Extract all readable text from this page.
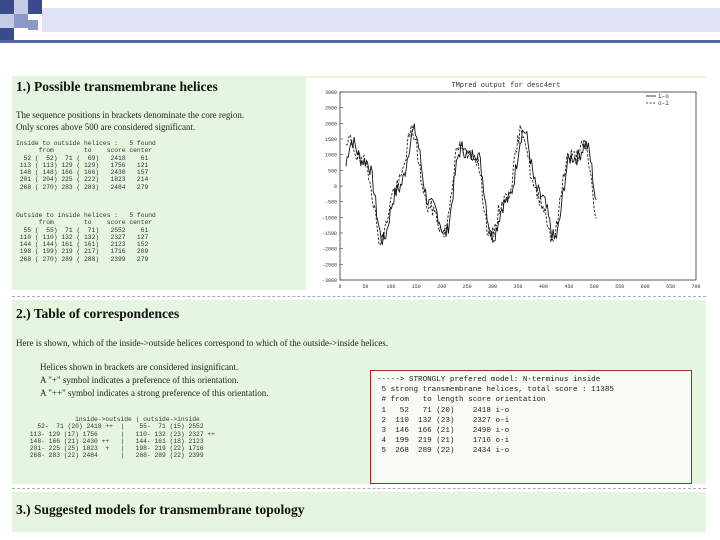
1.) Possible transmembrane helices
The sequence positions in brackets denominate the core region.
Only scores above 500 are considered significant.
Inside to outside helices :   5 found
from        to    score center
52 (  52)  71 (  69)   2418    61
113 ( 113) 129 ( 129)   1756   121
148 ( 148) 166 ( 166)   2430   157
201 ( 204) 225 ( 222)   1823   214
268 ( 270) 283 ( 283)   2484   279
Outside to inside helices :   5 found
from        to    score center
55 (  55)  71 (  71)   2552    61
110 ( 110) 132 ( 132)   2327   127
144 ( 144) 161 ( 161)   2123   152
198 ( 199) 219 ( 217)   1716   209
268 ( 270) 289 ( 288)   2399   279
TMpred output for desc4ert
3000
2500
2000
1500
1000
500
0
-500
-1000
-1500
-2000
-2500
-3000
0	50	100	150	200	250	300	350	400	450	500	550	600	650	700
i-o
o-i
2.) Table of correspondences
Here is shown, which of the inside->outside helices correspond to which of the outside->inside helices.
Helices shown in brackets are considered insignificant.
A "+" symbol indicates a preference of this orientation.
A "++" symbol indicates a strong preference of this orientation.
inside->outside | outside->inside
52-  71 (20) 2418 ++  |    55-  71 (15) 2552
113- 129 (17) 1756      |   110- 132 (23) 2327 ++
148- 166 (21) 2430 ++   |   144- 161 (18) 2123
201- 225 (25) 1823  +   |   198- 219 (22) 1716
268- 283 (22) 2484      |   268- 289 (22) 2399
-----> STRONGLY prefered model: N-terminus inside
5 strong transmembrane helices, total score : 11385
# from   to length score orientation
1   52   71 (20)    2418 i-o
2  110  132 (23)    2327 o-i
3  146  166 (21)    2490 i-o
4  199  219 (21)    1716 o-i
5  268  289 (22)    2434 i-o
3.) Suggested models for transmembrane topology
